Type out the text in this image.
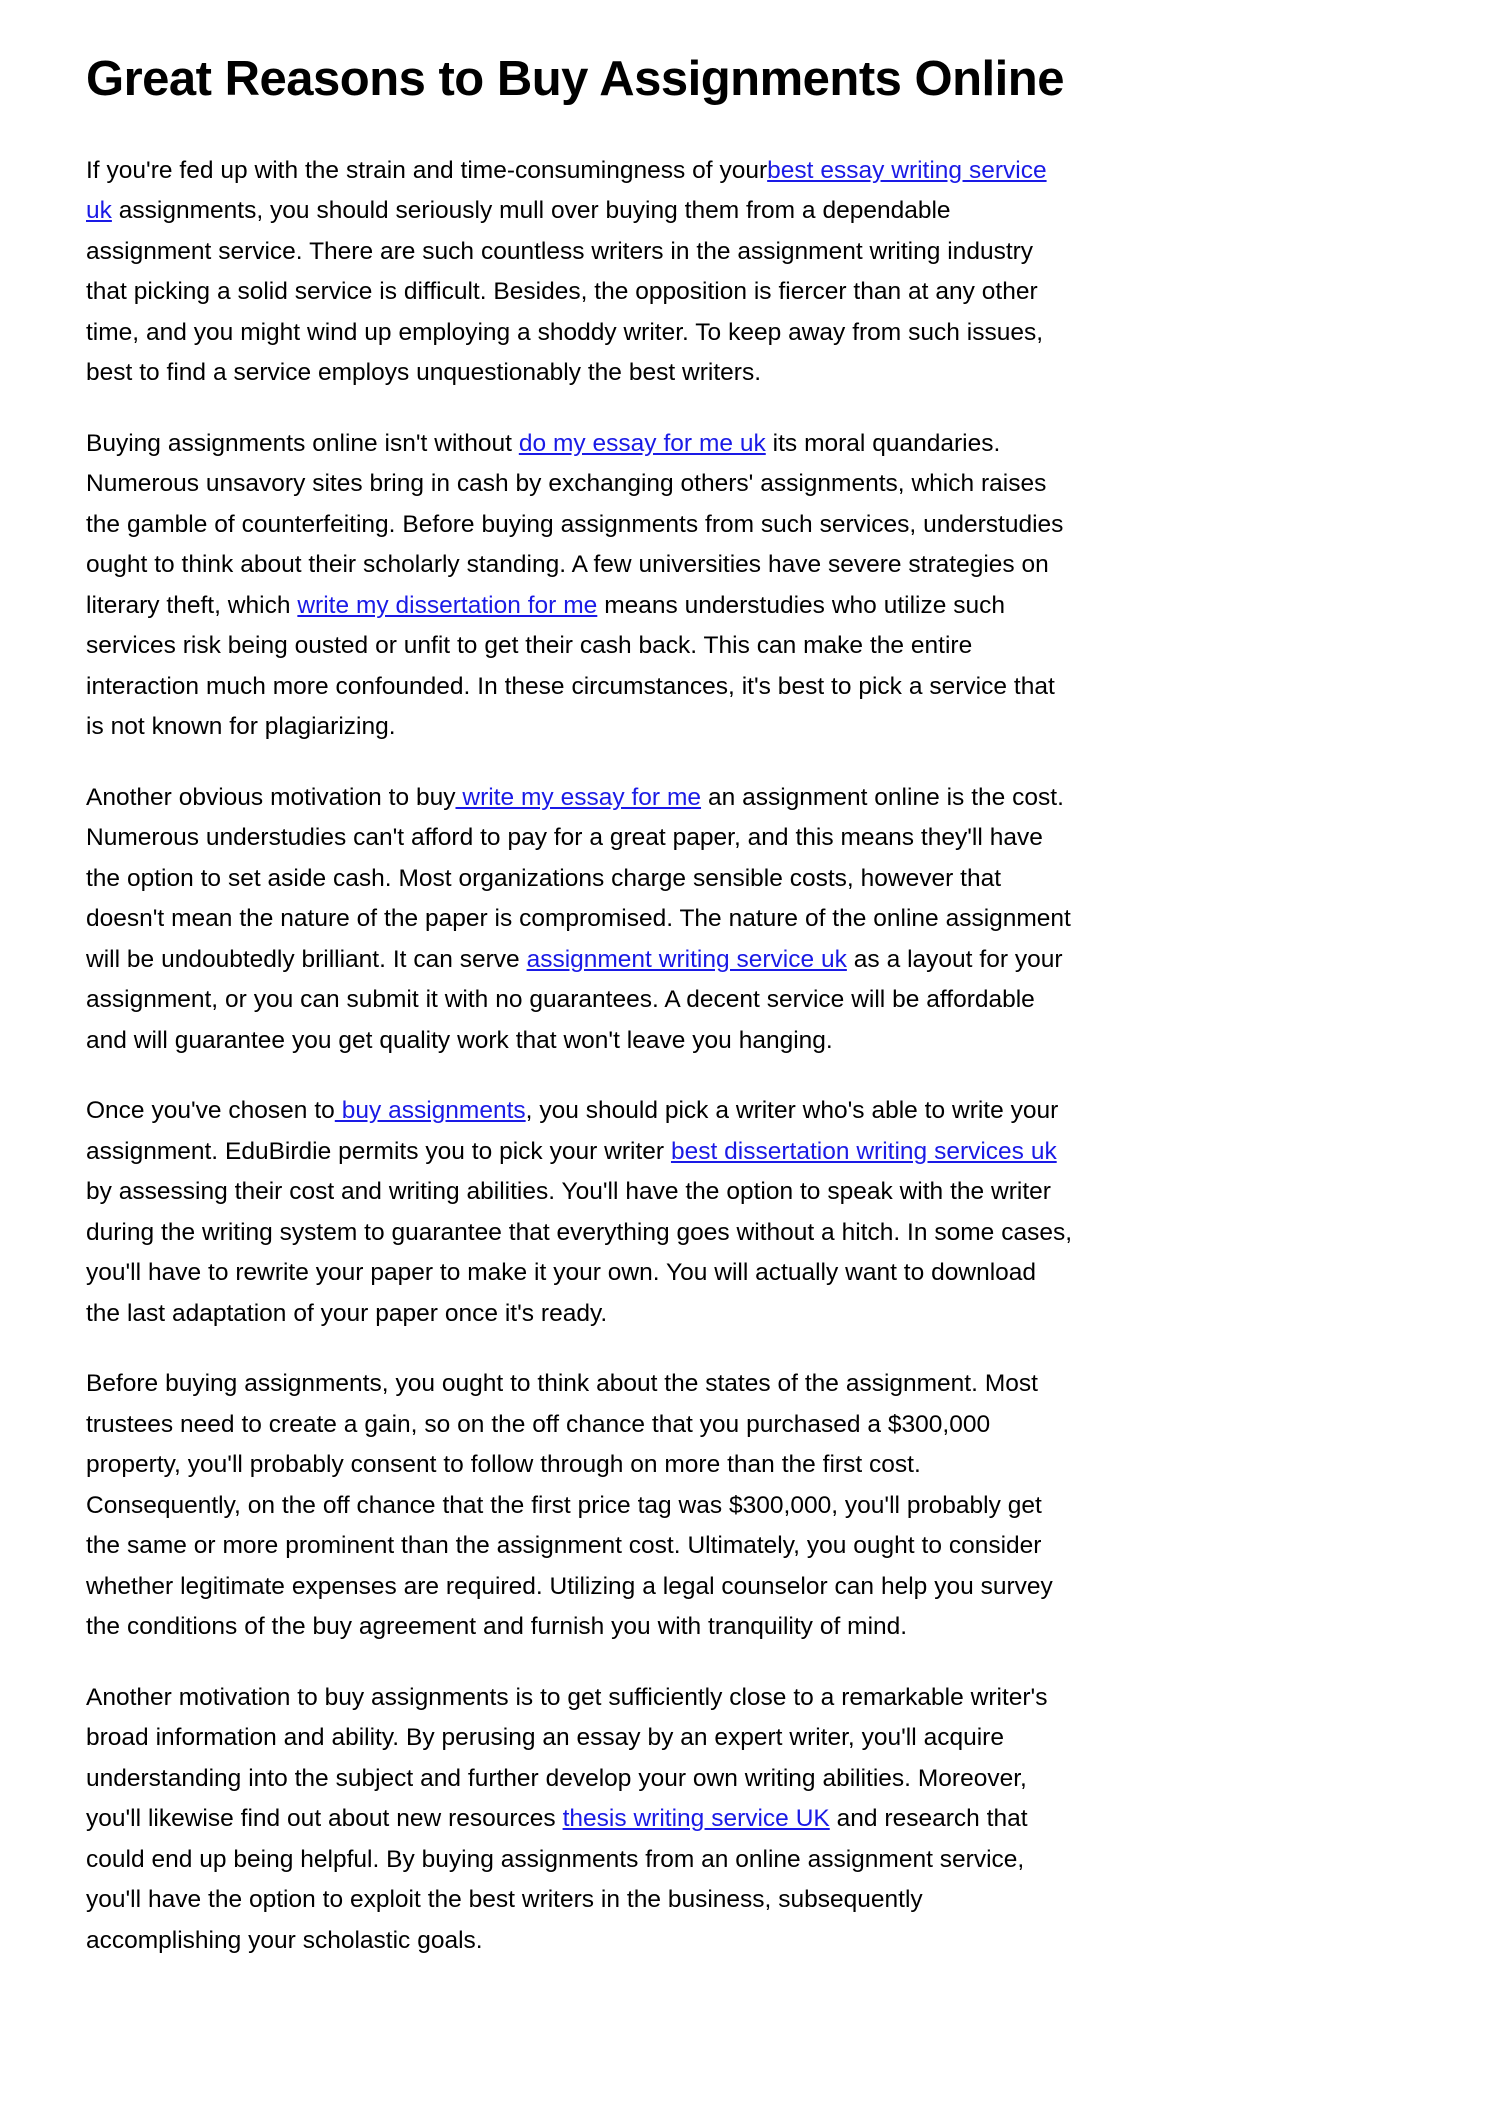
Great Reasons to Buy Assignments Online

If you're fed up with the strain and time-consumingness of yourbest essay writing service uk assignments, you should seriously mull over buying them from a dependable assignment service. There are such countless writers in the assignment writing industry that picking a solid service is difficult. Besides, the opposition is fiercer than at any other time, and you might wind up employing a shoddy writer. To keep away from such issues, best to find a service employs unquestionably the best writers.

Buying assignments online isn't without do my essay for me uk its moral quandaries. Numerous unsavory sites bring in cash by exchanging others' assignments, which raises the gamble of counterfeiting. Before buying assignments from such services, understudies ought to think about their scholarly standing. A few universities have severe strategies on literary theft, which write my dissertation for me means understudies who utilize such services risk being ousted or unfit to get their cash back. This can make the entire interaction much more confounded. In these circumstances, it's best to pick a service that is not known for plagiarizing.

Another obvious motivation to buy write my essay for me an assignment online is the cost. Numerous understudies can't afford to pay for a great paper, and this means they'll have the option to set aside cash. Most organizations charge sensible costs, however that doesn't mean the nature of the paper is compromised. The nature of the online assignment will be undoubtedly brilliant. It can serve assignment writing service uk as a layout for your assignment, or you can submit it with no guarantees. A decent service will be affordable and will guarantee you get quality work that won't leave you hanging.

Once you've chosen to buy assignments, you should pick a writer who's able to write your assignment. EduBirdie permits you to pick your writer best dissertation writing services uk by assessing their cost and writing abilities. You'll have the option to speak with the writer during the writing system to guarantee that everything goes without a hitch. In some cases, you'll have to rewrite your paper to make it your own. You will actually want to download the last adaptation of your paper once it's ready.

Before buying assignments, you ought to think about the states of the assignment. Most trustees need to create a gain, so on the off chance that you purchased a $300,000 property, you'll probably consent to follow through on more than the first cost. Consequently, on the off chance that the first price tag was $300,000, you'll probably get the same or more prominent than the assignment cost. Ultimately, you ought to consider whether legitimate expenses are required. Utilizing a legal counselor can help you survey the conditions of the buy agreement and furnish you with tranquility of mind.

Another motivation to buy assignments is to get sufficiently close to a remarkable writer's broad information and ability. By perusing an essay by an expert writer, you'll acquire understanding into the subject and further develop your own writing abilities. Moreover, you'll likewise find out about new resources thesis writing service UK and research that could end up being helpful. By buying assignments from an online assignment service, you'll have the option to exploit the best writers in the business, subsequently accomplishing your scholastic goals.
